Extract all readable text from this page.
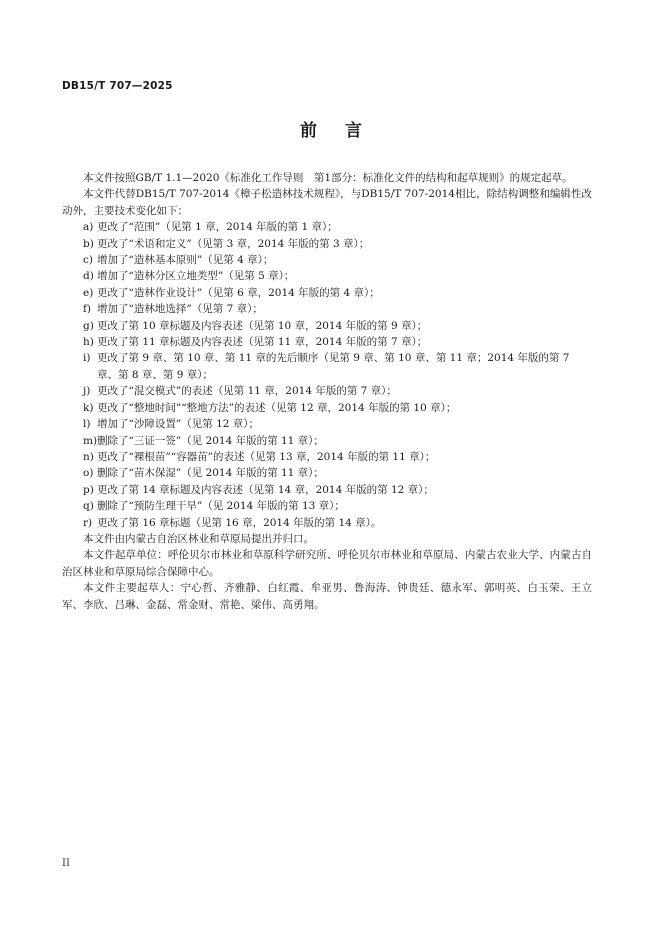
DB15/T 707—2025
前言

本文件按照GB/T 1.1—2020《标准化工作导则　第1部分：标准化文件的结构和起草规则》的规定起草。

本文件代替DB15/T 707-2014《樟子松造林技术规程》，与DB15/T 707-2014相比，除结构调整和编辑性改动外，主要技术变化如下：

a) 更改了“范围”（见第 1 章，2014 年版的第 1 章）；
b) 更改了“术语和定义”（见第 3 章，2014 年版的第 3 章）；
c) 增加了“造林基本原则”（见第 4 章）；
d) 增加了“造林分区立地类型”（见第 5 章）；
e) 更改了“造林作业设计”（见第 6 章，2014 年版的第 4 章）；
f) 增加了“造林地选择”（见第 7 章）；
g) 更改了第 10 章标题及内容表述（见第 10 章，2014 年版的第 9 章）；
h) 更改了第 11 章标题及内容表述（见第 11 章，2014 年版的第 7 章）；
i) 更改了第 9 章、第 10 章、第 11 章的先后顺序（见第 9 章、第 10 章、第 11 章；2014 年版的第 7 章、第 8 章、第 9 章）；
j) 更改了“混交模式”的表述（见第 11 章，2014 年版的第 7 章）；
k) 更改了“整地时间”“整地方法”的表述（见第 12 章，2014 年版的第 10 章）；
l) 增加了“沙障设置”（见第 12 章）；
m) 删除了“三证一签”（见 2014 年版的第 11 章）；
n) 更改了“裸根苗”“容器苗”的表述（见第 13 章，2014 年版的第 11 章）；
o) 删除了“苗木保湿”（见 2014 年版的第 11 章）；
p) 更改了第 14 章标题及内容表述（见第 14 章，2014 年版的第 12 章）；
q) 删除了“预防生理干旱”（见 2014 年版的第 13 章）；
r) 更改了第 16 章标题（见第 16 章，2014 年版的第 14 章）。

本文件由内蒙古自治区林业和草原局提出并归口。

本文件起草单位：呼伦贝尔市林业和草原科学研究所、呼伦贝尔市林业和草原局、内蒙古农业大学、内蒙古自治区林业和草原局综合保障中心。

本文件主要起草人：宁心哲、齐雅静、白红霞、牟亚男、鲁海涛、钟贵廷、德永军、郭明英、白玉荣、王立军、李欣、吕琳、金磊、常金财、常艳、梁伟、高勇翔。

II
